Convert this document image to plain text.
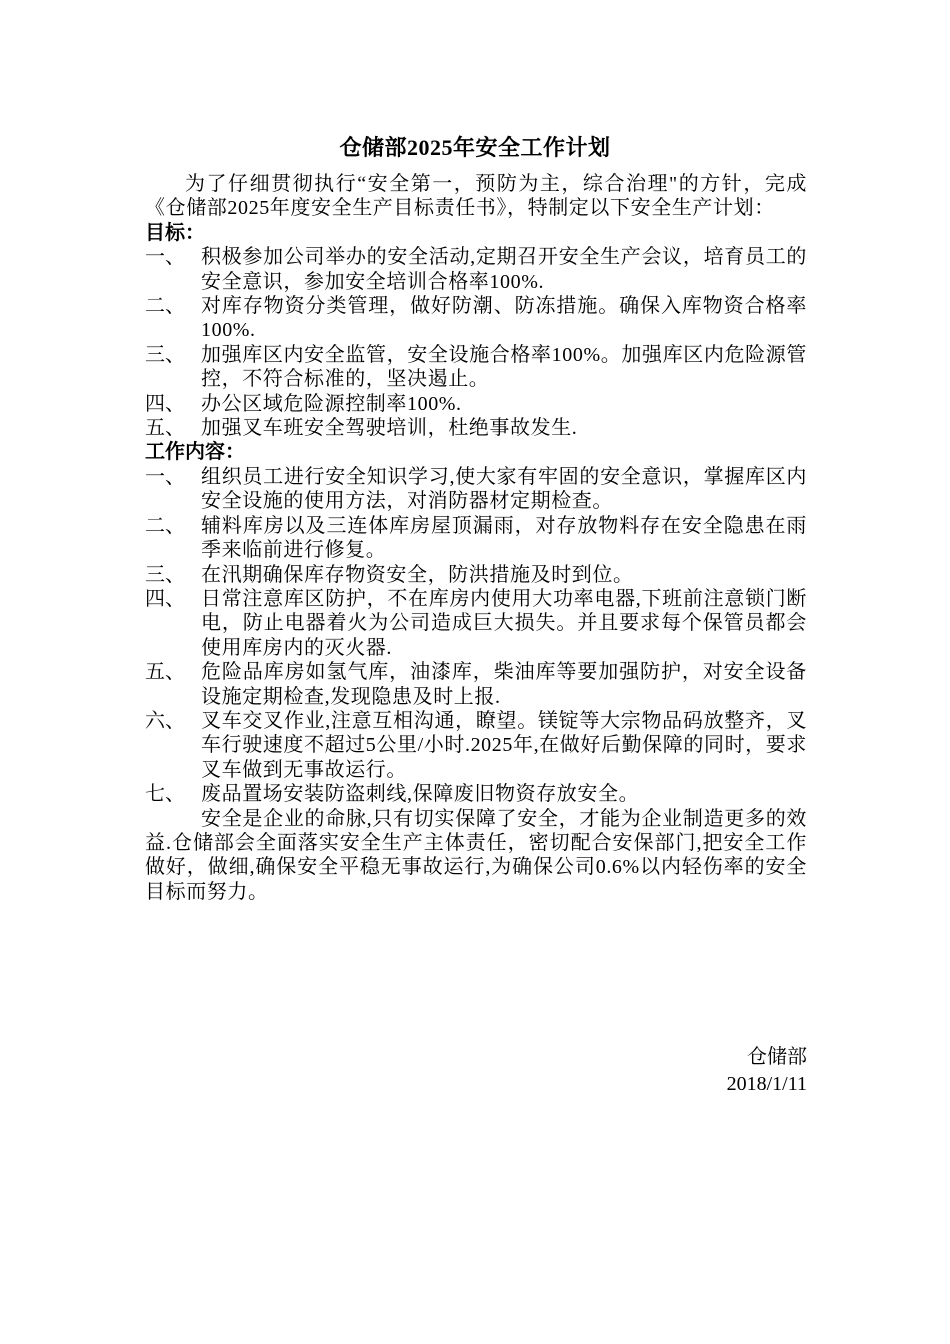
仓储部2025年安全工作计划

为了仔细贯彻执行“安全第一，预防为主，综合治理"的方针，完成《仓储部2025年度安全生产目标责任书》，特制定以下安全生产计划：

目标：

一、 积极参加公司举办的安全活动,定期召开安全生产会议，培育员工的安全意识，参加安全培训合格率100%.
二、 对库存物资分类管理，做好防潮、防冻措施。确保入库物资合格率100%.
三、 加强库区内安全监管，安全设施合格率100%。加强库区内危险源管控，不符合标准的，坚决遏止。
四、 办公区域危险源控制率100%.
五、 加强叉车班安全驾驶培训，杜绝事故发生.

工作内容：

一、 组织员工进行安全知识学习,使大家有牢固的安全意识，掌握库区内安全设施的使用方法，对消防器材定期检查。
二、 辅料库房以及三连体库房屋顶漏雨，对存放物料存在安全隐患在雨季来临前进行修复。
三、 在汛期确保库存物资安全，防洪措施及时到位。
四、 日常注意库区防护，不在库房内使用大功率电器,下班前注意锁门断电，防止电器着火为公司造成巨大损失。并且要求每个保管员都会使用库房内的灭火器.
五、 危险品库房如氢气库，油漆库，柴油库等要加强防护，对安全设备设施定期检查,发现隐患及时上报.
六、 叉车交叉作业,注意互相沟通，瞭望。镁锭等大宗物品码放整齐，叉车行驶速度不超过5公里/小时.2025年,在做好后勤保障的同时，要求叉车做到无事故运行。
七、 废品置场安装防盗刺线,保障废旧物资存放安全。

安全是企业的命脉,只有切实保障了安全，才能为企业制造更多的效益.仓储部会全面落实安全生产主体责任，密切配合安保部门,把安全工作做好，做细,确保安全平稳无事故运行,为确保公司0.6%以内轻伤率的安全目标而努力。

仓储部
2018/1/11
